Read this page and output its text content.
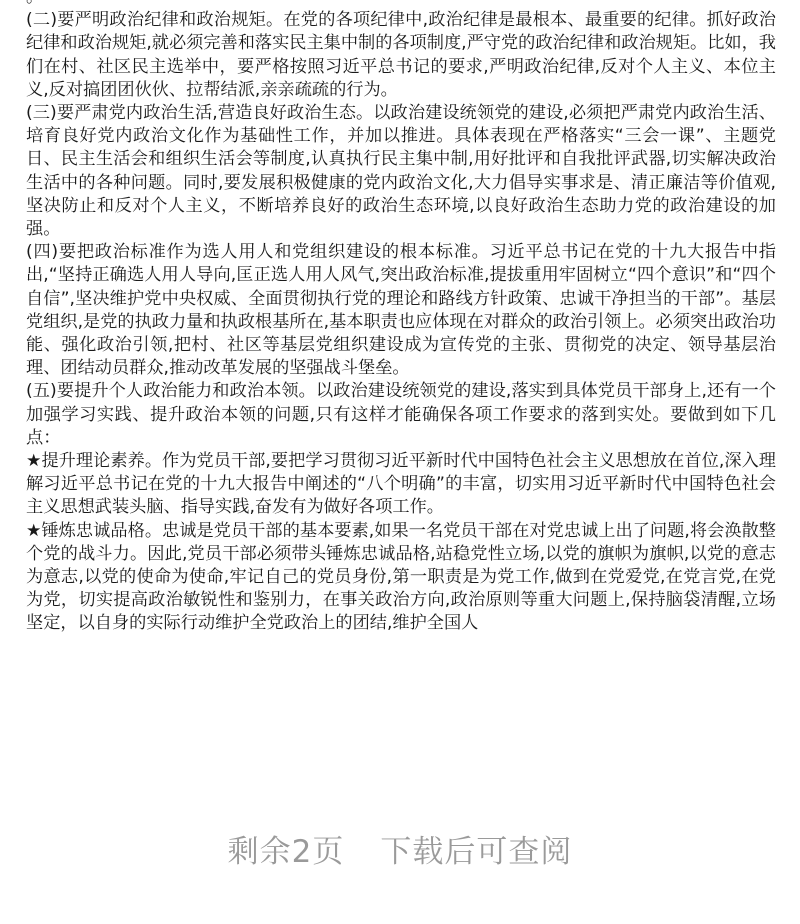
(二)要严明政治纪律和政治规矩。在党的各项纪律中,政治纪律是最根本、最重要的纪律。抓好政治纪律和政治规矩,就必须完善和落实民主集中制的各项制度,严守党的政治纪律和政治规矩。比如，我们在村、社区民主选举中，要严格按照习近平总书记的要求,严明政治纪律,反对个人主义、本位主义,反对搞团团伙伙、拉帮结派,亲亲疏疏的行为。

(三)要严肃党内政治生活,营造良好政治生态。以政治建设统领党的建设,必须把严肃党内政治生活、培育良好党内政治文化作为基础性工作，并加以推进。具体表现在严格落实“三会一课”、主题党日、民主生活会和组织生活会等制度,认真执行民主集中制,用好批评和自我批评武器,切实解决政治生活中的各种问题。同时,要发展积极健康的党内政治文化,大力倡导实事求是、清正廉洁等价值观,坚决防止和反对个人主义，不断培养良好的政治生态环境,以良好政治生态助力党的政治建设的加强。

(四)要把政治标准作为选人用人和党组织建设的根本标准。习近平总书记在党的十九大报告中指出,“坚持正确选人用人导向,匡正选人用人风气,突出政治标准,提拔重用牢固树立“四个意识”和“四个自信”,坚决维护党中央权威、全面贯彻执行党的理论和路线方针政策、忠诚干净担当的干部”。基层党组织,是党的执政力量和执政根基所在,基本职责也应体现在对群众的政治引领上。必须突出政治功能、强化政治引领,把村、社区等基层党组织建设成为宣传党的主张、贯彻党的决定、领导基层治理、团结动员群众,推动改革发展的坚强战斗堡垒。

(五)要提升个人政治能力和政治本领。以政治建设统领党的建设,落实到具体党员干部身上,还有一个加强学习实践、提升政治本领的问题,只有这样才能确保各项工作要求的落到实处。要做到如下几点：

★提升理论素养。作为党员干部,要把学习贯彻习近平新时代中国特色社会主义思想放在首位,深入理解习近平总书记在党的十九大报告中阐述的“八个明确”的丰富，切实用习近平新时代中国特色社会主义思想武装头脑、指导实践,奋发有为做好各项工作。

★锤炼忠诚品格。忠诚是党员干部的基本要素,如果一名党员干部在对党忠诚上出了问题,将会涣散整个党的战斗力。因此,党员干部必须带头锤炼忠诚品格,站稳党性立场,以党的旗帜为旗帜,以党的意志为意志,以党的使命为使命,牢记自己的党员身份,第一职责是为党工作,做到在党爱党,在党言党,在党为党，切实提高政治敏锐性和鉴别力，在事关政治方向,政治原则等重大问题上,保持脑袋清醒,立场坚定，以自身的实际行动维护全党政治上的团结,维护全国人

剩余2页 下载后可查阅
